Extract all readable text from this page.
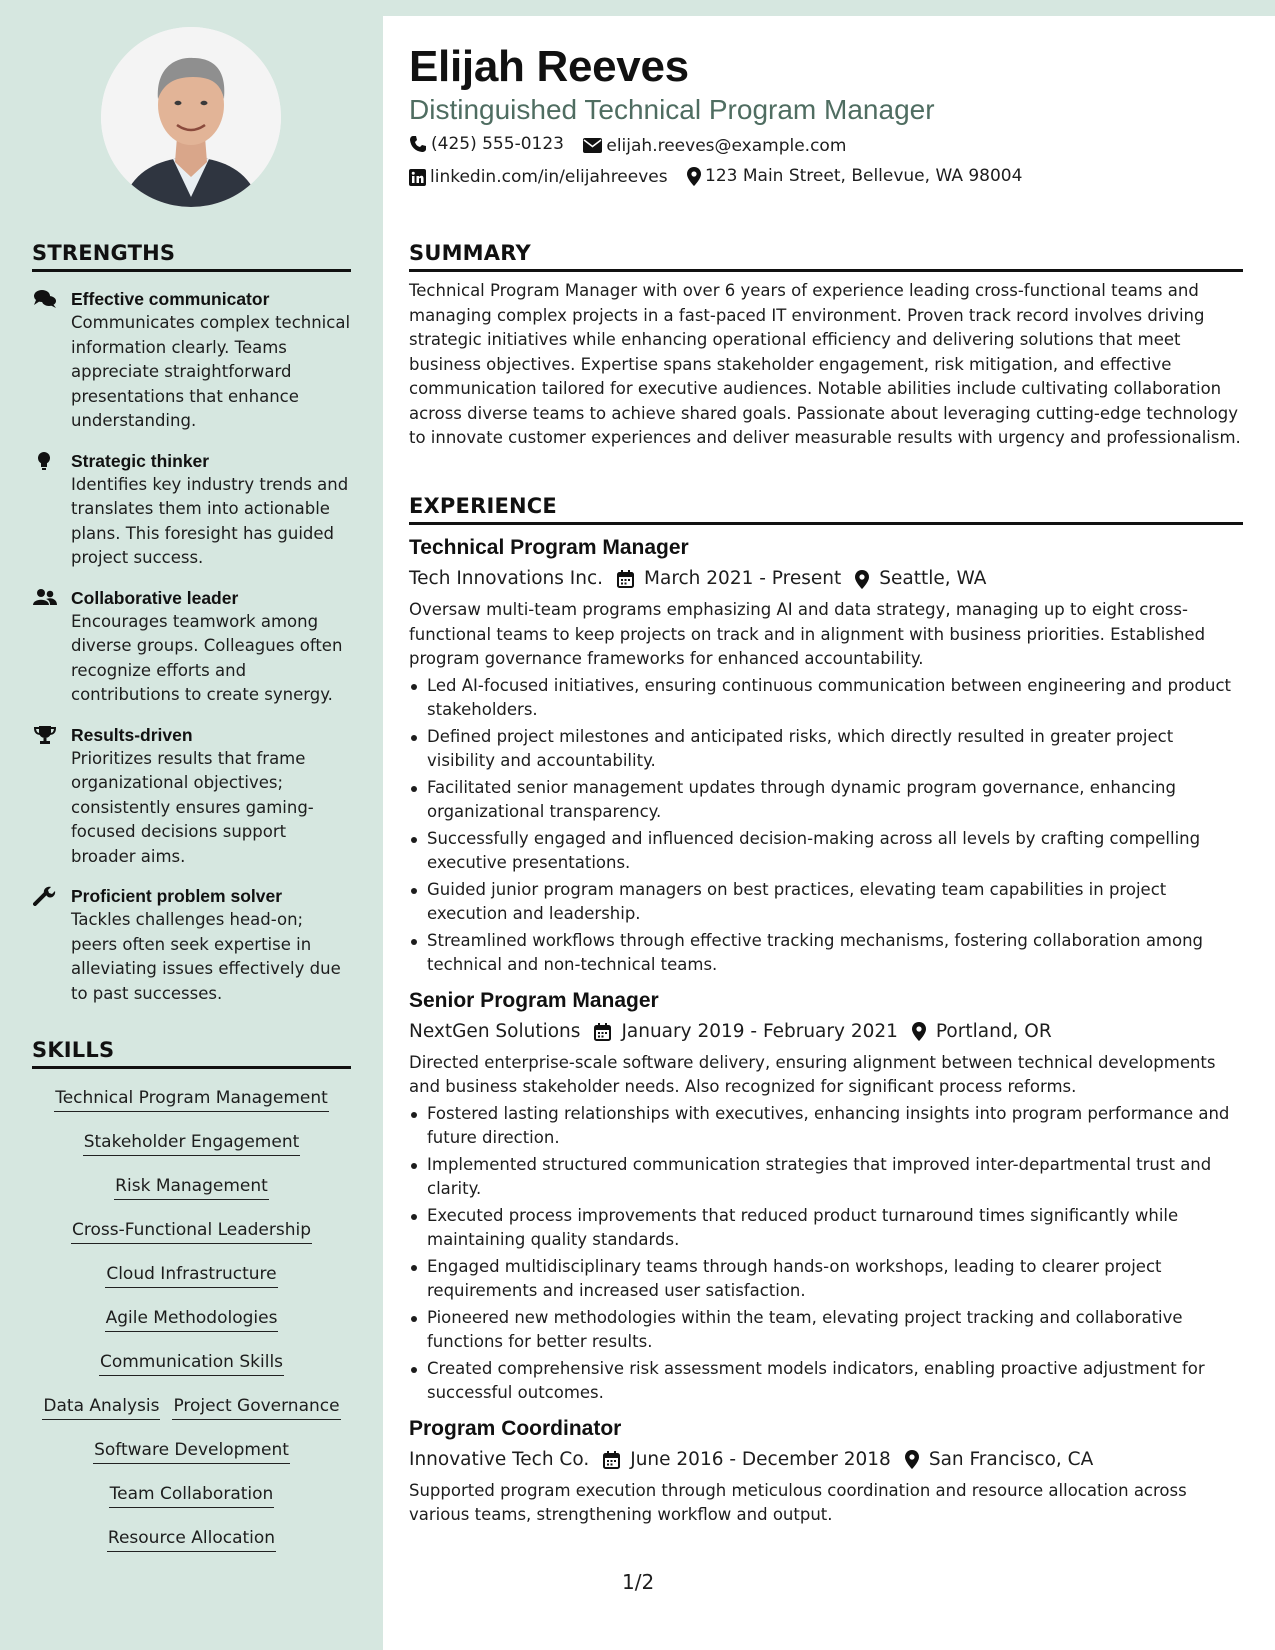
STRENGTHS
Effective communicator

Communicates complex technical information clearly. Teams appreciate straightforward presentations that enhance understanding.

Strategic thinker

Identifies key industry trends and translates them into actionable plans. This foresight has guided project success.

Collaborative leader

Encourages teamwork among diverse groups. Colleagues often recognize efforts and contributions to create synergy.

Results-driven

Prioritizes results that frame organizational objectives; consistently ensures gaming-focused decisions support broader aims.

Proficient problem solver

Tackles challenges head-on; peers often seek expertise in alleviating issues effectively due to past successes.

SKILLS
Technical Program Management
Stakeholder Engagement
Risk Management
Cross-Functional Leadership
Cloud Infrastructure
Agile Methodologies
Communication Skills
Data Analysis Project Governance
Software Development
Team Collaboration
Resource Allocation
Elijah Reeves
Distinguished Technical Program Manager
(425) 555-0123
elijah.reeves@example.com
linkedin.com/in/elijahreeves
123 Main Street, Bellevue, WA 98004
SUMMARY

Technical Program Manager with over 6 years of experience leading cross-functional teams and managing complex projects in a fast-paced IT environment. Proven track record involves driving strategic initiatives while enhancing operational efficiency and delivering solutions that meet business objectives. Expertise spans stakeholder engagement, risk mitigation, and effective communication tailored for executive audiences. Notable abilities include cultivating collaboration across diverse teams to achieve shared goals. Passionate about leveraging cutting-edge technology to innovate customer experiences and deliver measurable results with urgency and professionalism.

EXPERIENCE
Technical Program Manager
Tech Innovations Inc. March 2021 - Present Seattle, WA

Oversaw multi-team programs emphasizing AI and data strategy, managing up to eight cross-functional teams to keep projects on track and in alignment with business priorities. Established program governance frameworks for enhanced accountability.

Led AI-focused initiatives, ensuring continuous communication between engineering and product stakeholders.
Defined project milestones and anticipated risks, which directly resulted in greater project visibility and accountability.
Facilitated senior management updates through dynamic program governance, enhancing organizational transparency.
Successfully engaged and influenced decision-making across all levels by crafting compelling executive presentations.
Guided junior program managers on best practices, elevating team capabilities in project execution and leadership.
Streamlined workflows through effective tracking mechanisms, fostering collaboration among technical and non-technical teams.
Senior Program Manager
NextGen Solutions January 2019 - February 2021 Portland, OR

Directed enterprise-scale software delivery, ensuring alignment between technical developments and business stakeholder needs. Also recognized for significant process reforms.

Fostered lasting relationships with executives, enhancing insights into program performance and future direction.
Implemented structured communication strategies that improved inter-departmental trust and clarity.
Executed process improvements that reduced product turnaround times significantly while maintaining quality standards.
Engaged multidisciplinary teams through hands-on workshops, leading to clearer project requirements and increased user satisfaction.
Pioneered new methodologies within the team, elevating project tracking and collaborative functions for better results.
Created comprehensive risk assessment models indicators, enabling proactive adjustment for successful outcomes.
Program Coordinator
Innovative Tech Co. June 2016 - December 2018 San Francisco, CA

Supported program execution through meticulous coordination and resource allocation across various teams, strengthening workflow and output.

1/2
